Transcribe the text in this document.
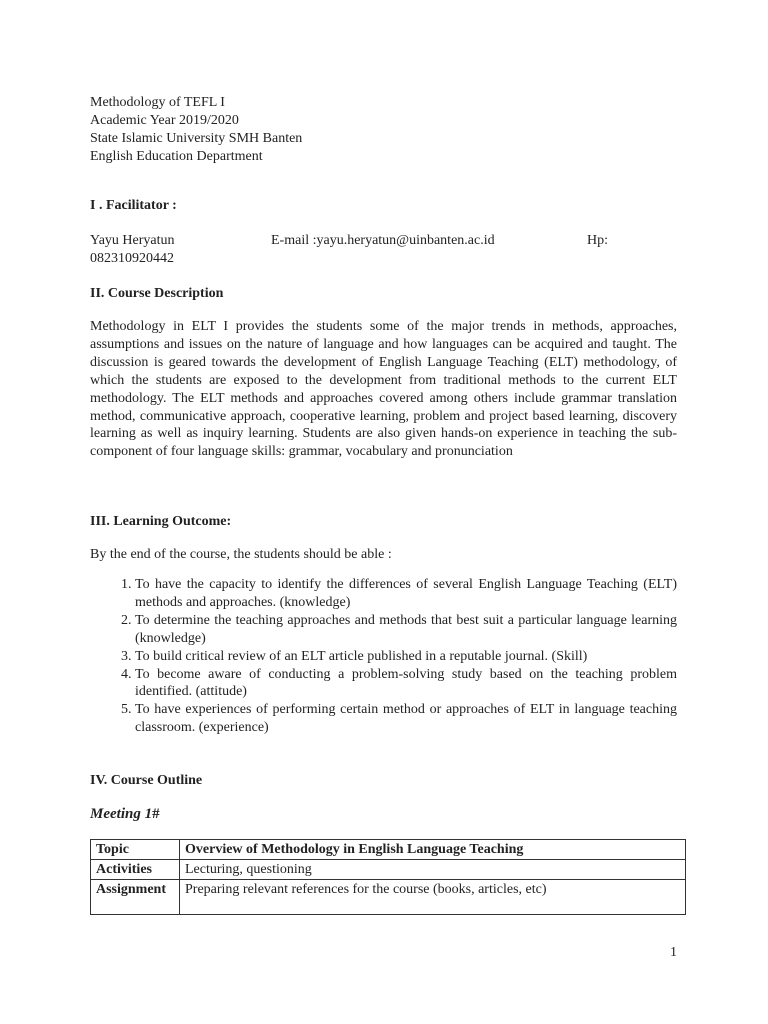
Methodology of TEFL I
Academic Year 2019/2020
State Islamic University SMH Banten
English Education Department
I . Facilitator :
Yayu Heryatun	E-mail :yayu.heryatun@uinbanten.ac.id	Hp:
082310920442
II. Course Description
Methodology in ELT I provides the students some of the major trends in methods, approaches, assumptions and issues on the nature of language and how languages can be acquired and taught. The discussion is geared towards the development of English Language Teaching (ELT) methodology, of which the students are exposed to the development from traditional methods to the current ELT methodology. The ELT methods and approaches covered among others include grammar translation method, communicative approach, cooperative learning, problem and project based learning, discovery learning as well as inquiry learning. Students are also given hands-on experience in teaching the sub-component of four language skills: grammar, vocabulary and pronunciation
III. Learning Outcome:
By the end of the course, the students should be able :
1. To have the capacity to identify the differences of several English Language Teaching (ELT) methods and approaches. (knowledge)
2. To determine the teaching approaches and methods that best suit a particular language learning (knowledge)
3. To build critical review of an ELT article published in a reputable journal. (Skill)
4. To become aware of conducting a problem-solving study based on the teaching problem identified. (attitude)
5. To have experiences of performing certain method or approaches of ELT in language teaching classroom. (experience)
IV. Course Outline
Meeting 1#
Topic	Overview of Methodology in English Language Teaching
Activities	Lecturing, questioning
Assignment	Preparing relevant references for the course (books, articles, etc)
1
